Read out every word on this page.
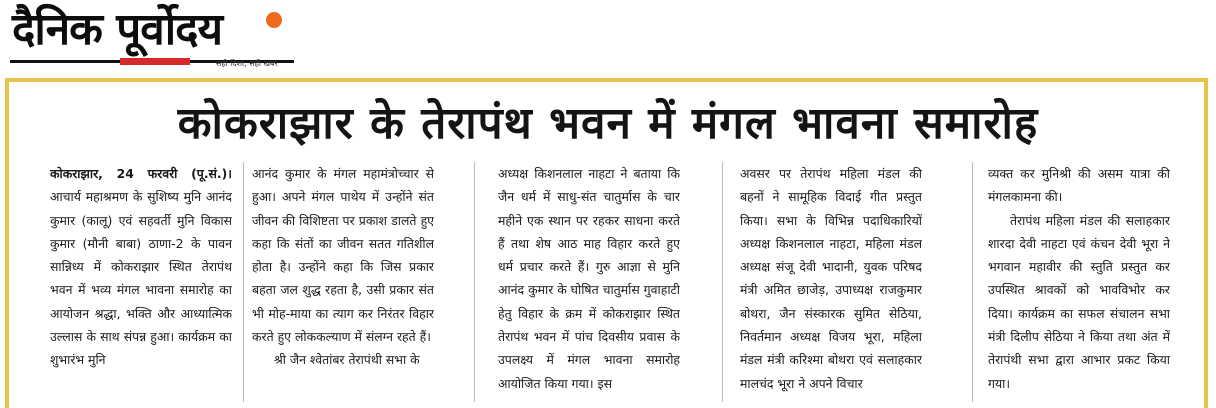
दैनिक पूर्वोदय
सही दिशा, सही खबर
कोकराझार के तेरापंथ भवन में मंगल भावना समारोह

कोकराझार, 24 फरवरी (पू.सं.)। आचार्य महाश्रमण के सुशिष्य मुनि आनंद कुमार (कालू) एवं सहवर्ती मुनि विकास कुमार (मौनी बाबा) ठाणा-2 के पावन सान्निध्य में कोकराझार स्थित तेरापंथ भवन में भव्य मंगल भावना समारोह का आयोजन श्रद्धा, भक्ति और आध्यात्मिक उल्लास के साथ संपन्न हुआ। कार्यक्रम का शुभारंभ मुनि

आनंद कुमार के मंगल महामंत्रोच्चार से हुआ। अपने मंगल पाथेय में उन्होंने संत जीवन की विशिष्टता पर प्रकाश डालते हुए कहा कि संतों का जीवन सतत गतिशील होता है। उन्होंने कहा कि जिस प्रकार बहता जल शुद्ध रहता है, उसी प्रकार संत भी मोह-माया का त्याग कर निरंतर विहार करते हुए लोककल्याण में संलग्न रहते हैं।

श्री जैन श्वेतांबर तेरापंथी सभा के

अध्यक्ष किशनलाल नाहटा ने बताया कि जैन धर्म में साधु-संत चातुर्मास के चार महीने एक स्थान पर रहकर साधना करते हैं तथा शेष आठ माह विहार करते हुए धर्म प्रचार करते हैं। गुरु आज्ञा से मुनि आनंद कुमार के घोषित चातुर्मास गुवाहाटी हेतु विहार के क्रम में कोकराझार स्थित तेरापंथ भवन में पांच दिवसीय प्रवास के उपलक्ष्य में मंगल भावना समारोह आयोजित किया गया। इस

अवसर पर तेरापंथ महिला मंडल की बहनों ने सामूहिक विदाई गीत प्रस्तुत किया। सभा के विभिन्न पदाधिकारियों अध्यक्ष किशनलाल नाहटा, महिला मंडल अध्यक्ष संजू देवी भादानी, युवक परिषद मंत्री अमित छाजेड़, उपाध्यक्ष राजकुमार बोथरा, जैन संस्कारक सुमित सेठिया, निवर्तमान अध्यक्ष विजय भूरा, महिला मंडल मंत्री करिश्मा बोथरा एवं सलाहकार मालचंद भूरा ने अपने विचार

व्यक्त कर मुनिश्री की असम यात्रा की मंगलकामना की।

तेरापंथ महिला मंडल की सलाहकार शारदा देवी नाहटा एवं कंचन देवी भूरा ने भगवान महावीर की स्तुति प्रस्तुत कर उपस्थित श्रावकों को भावविभोर कर दिया। कार्यक्रम का सफल संचालन सभा मंत्री दिलीप सेठिया ने किया तथा अंत में तेरापंथी सभा द्वारा आभार प्रकट किया गया।
